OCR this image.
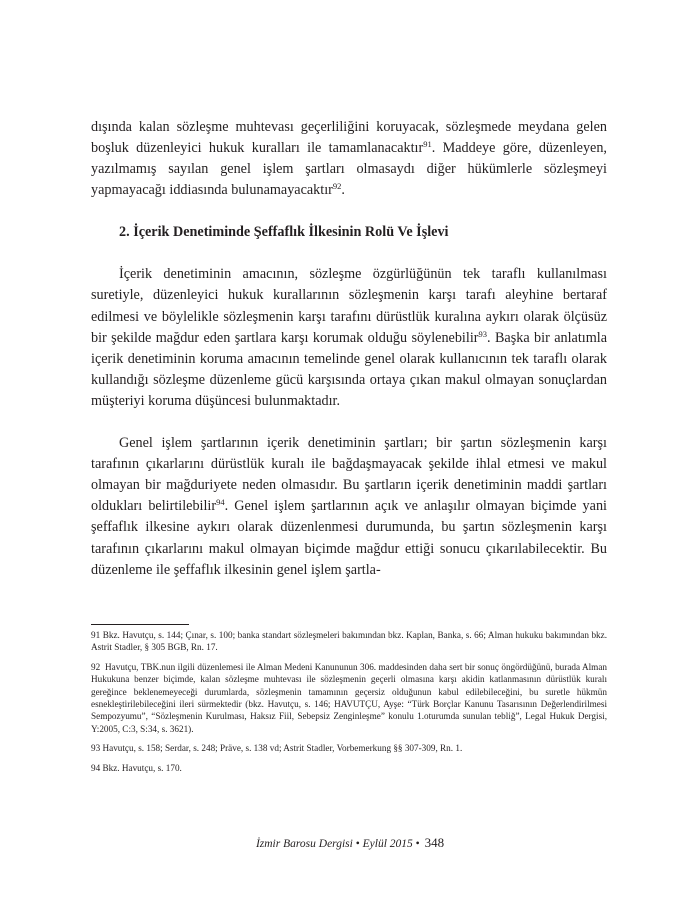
dışında kalan sözleşme muhtevası geçerliliğini koruyacak, sözleşmede meydana gelen boşluk düzenleyici hukuk kuralları ile tamamlanacaktır$^{91}$. Maddeye göre, düzenleyen, yazılmamış sayılan genel işlem şartları olmasaydı diğer hükümlerle sözleşmeyi yapmayacağı iddiasında bulunamayacaktır$^{92}$.

2. İçerik Denetiminde Şeffaflık İlkesinin Rolü Ve İşlevi

İçerik denetiminin amacının, sözleşme özgürlüğünün tek taraflı kullanılması suretiyle, düzenleyici hukuk kurallarının sözleşmenin karşı tarafı aleyhine bertaraf edilmesi ve böylelikle sözleşmenin karşı tarafını dürüstlük kuralına aykırı olarak ölçüsüz bir şekilde mağdur eden şartlara karşı korumak olduğu söylenebilir$^{93}$. Başka bir anlatımla içerik denetiminin koruma amacının temelinde genel olarak kullanıcının tek taraflı olarak kullandığı sözleşme düzenleme gücü karşısında ortaya çıkan makul olmayan sonuçlardan müşteriyi koruma düşüncesi bulunmaktadır.

Genel işlem şartlarının içerik denetiminin şartları; bir şartın sözleşmenin karşı tarafının çıkarlarını dürüstlük kuralı ile bağdaşmayacak şekilde ihlal etmesi ve makul olmayan bir mağduriyete neden olmasıdır. Bu şartların içerik denetiminin maddi şartları oldukları belirtilebilir$^{94}$. Genel işlem şartlarının açık ve anlaşılır olmayan biçimde yani şeffaflık ilkesine aykırı olarak düzenlenmesi durumunda, bu şartın sözleşmenin karşı tarafının çıkarlarını makul olmayan biçimde mağdur ettiği sonucu çıkarılabilecektir. Bu düzenleme ile şeffaflık ilkesinin genel işlem şartla-

91 Bkz. Havutçu, s. 144; Çınar, s. 100; banka standart sözleşmeleri bakımından bkz. Kaplan, Banka, s. 66; Alman hukuku bakımından bkz. Astrit Stadler, § 305 BGB, Rn. 17.

92 Havutçu, TBK.nun ilgili düzenlemesi ile Alman Medeni Kanununun 306. maddesinden daha sert bir sonuç öngördüğünü, burada Alman Hukukuna benzer biçimde, kalan sözleşme muhtevası ile sözleşmenin geçerli olmasına karşı akidin katlanmasının dürüstlük kuralı gereğince beklenemeyeceği durumlarda, sözleşmenin tamamının geçersiz olduğunun kabul edilebileceğini, bu suretle hükmün esnekleştirilebileceğini ileri sürmektedir (bkz. Havutçu, s. 146; HAVUTÇU, Ayşe: “Türk Borçlar Kanunu Tasarısının Değerlendirilmesi Sempozyumu”, “Sözleşmenin Kurulması, Haksız Fiil, Sebepsiz Zenginleşme” konulu 1.oturumda sunulan tebliğ”, Legal Hukuk Dergisi, Y:2005, C:3, S:34, s. 3621).

93 Havutçu, s. 158; Serdar, s. 248; Präve, s. 138 vd; Astrit Stadler, Vorbemerkung §§ 307-309, Rn. 1.

94 Bkz. Havutçu, s. 170.

İzmir Barosu Dergisi • Eylül 2015 • 348
